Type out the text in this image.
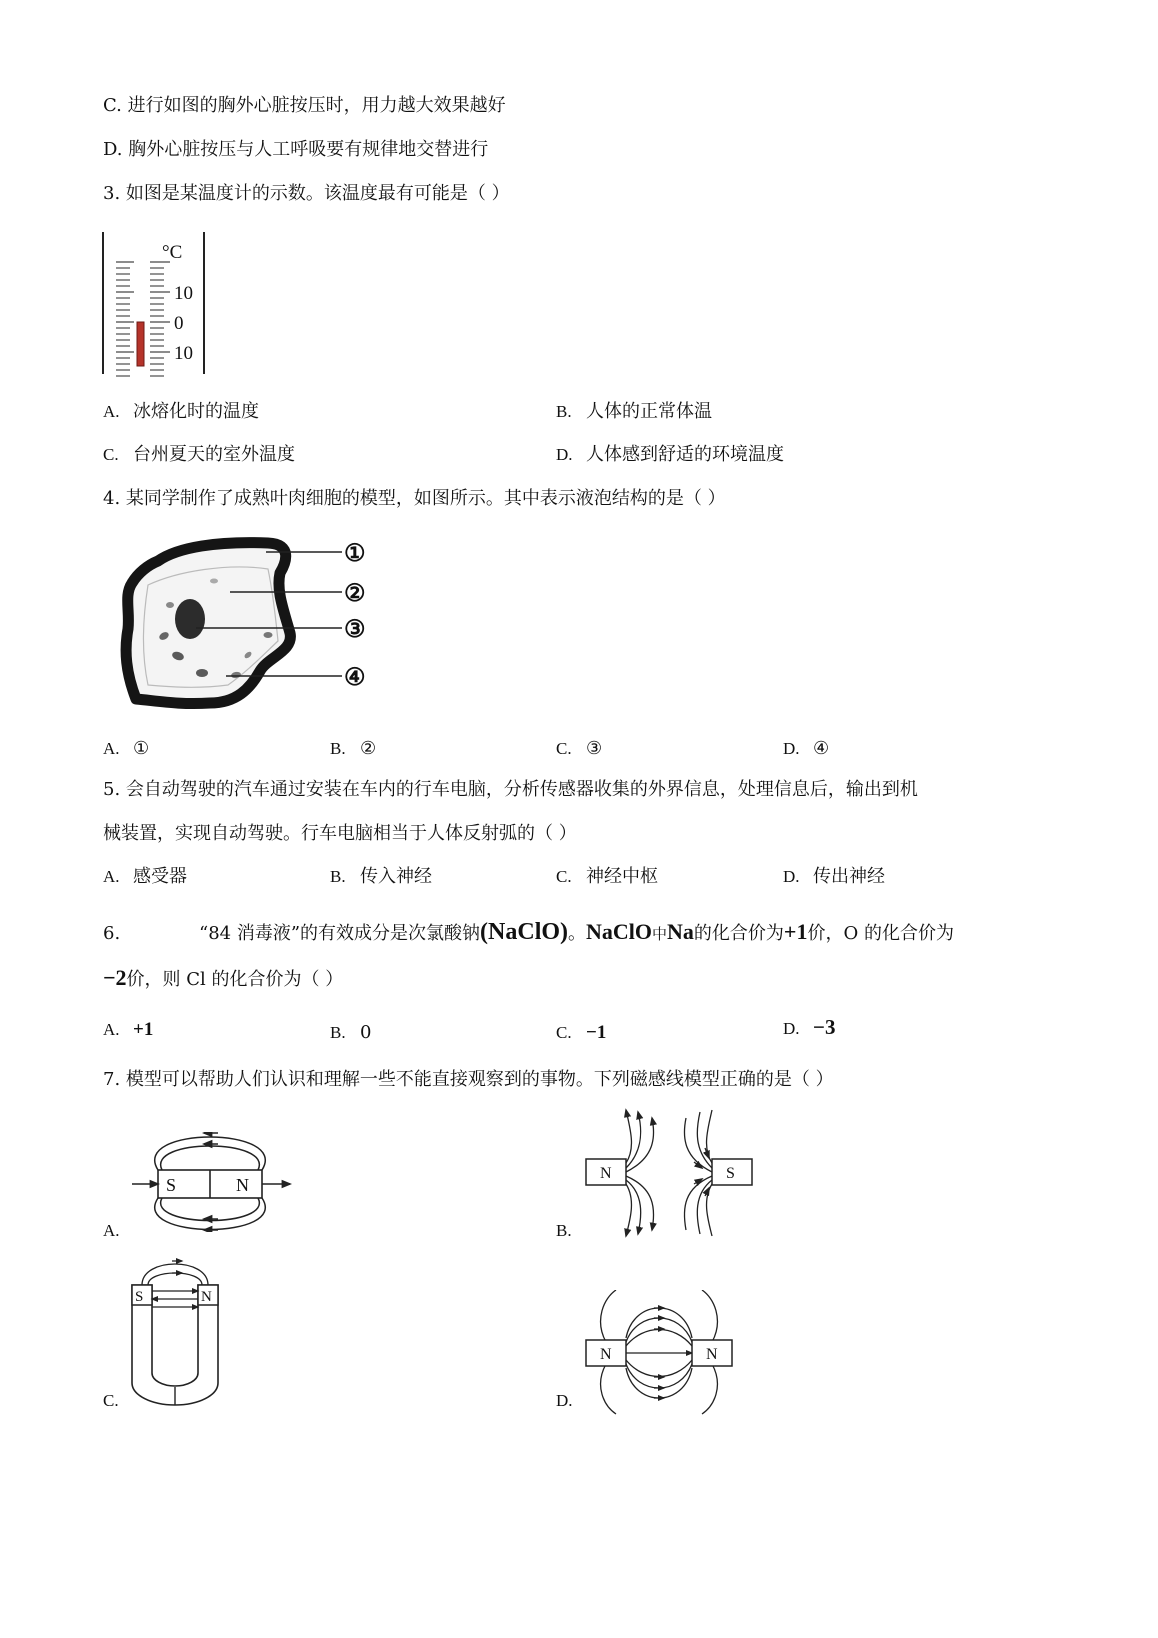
C. 进行如图的胸外心脏按压时，用力越大效果越好
D. 胸外心脏按压与人工呼吸要有规律地交替进行
3. 如图是某温度计的示数。该温度最有可能是（ ）
°C
10
0
10
A. 冰熔化时的温度	B. 人体的正常体温
C. 台州夏天的室外温度	D. 人体感到舒适的环境温度
4. 某同学制作了成熟叶肉细胞的模型，如图所示。其中表示液泡结构的是（ ）
①
②
③
④
A. ①	B. ②	C. ③	D. ④
5. 会自动驾驶的汽车通过安装在车内的行车电脑，分析传感器收集的外界信息，处理信息后，输出到机
械装置，实现自动驾驶。行车电脑相当于人体反射弧的（ ）
A. 感受器	B. 传入神经	C. 神经中枢	D. 传出神经
6.	“84 消毒液”的有效成分是次氯酸钠(NaClO)。NaClO中Na的化合价为+1价，O 的化合价为
−2价，则 Cl 的化合价为（ ）
A. +1	B. 0	C. −1	D. −3
7. 模型可以帮助人们认识和理解一些不能直接观察到的事物。下列磁感线模型正确的是（ ）
S	N
A.
N	S
B.
S	N
C.
N	N
D.
